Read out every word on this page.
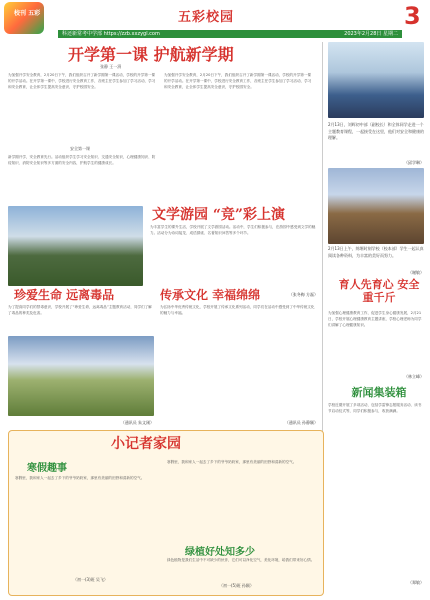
校刊 五彩	五彩校园	3
科还新常考中学部 https://zzb.xxzygl.com	2023年2月28日 星期二
开学第一课 护航新学期
张静 王一涓
为加强开学安全教育，2月20日下午，我们组织召开了新学期第一课活动，学校的开学第一课的开学活动。在开学第一课中，学校进行安全教育工作，各班主任学生参加了学习活动，学习和安全教育，让全体学生提高安全意识，守护校园安全。
安全第一课
新学期开学，安全教育先行。活动组织学生学习安全知识、交通安全知识，心理健康知识、防疫知识、消防安全知识等多方面的安全内容，护航学生的健康成长。
为加强开学安全教育，2月20日下午，我们组织召开了新学期第一课活动，学校的开学第一课的开学活动。在开学第一课中，学校进行安全教育工作，各班主任学生参加了学习活动，学习和安全教育，让全体学生提高安全意识，守护校园安全。
文学游园 “竞”彩上演
为丰富学生的课外生活，学校开展了文学游园活动。活动中，学生们积极参与，在游园中感受到文学的魅力。活动分为诗词接龙、成语猜谜、名著知识问答等多个环节。
（张冬梅 方磊）
珍爱生命 远离毒品	传承文化 幸福绵绵
为了提高同学们的禁毒意识，学校开展了“珍爱生命，远离毒品”主题教育活动，同学们了解了毒品的种类及危害。
（通讯员 朱文刚）
为弘扬中华优秀传统文化，学校开展了传承文化系列活动，同学们在活动中感受到了中华传统文化的魅力与幸福。
（通讯员 孙静颖）
小记者家园
寒假趣事
寒假里，我和家人一起去了乡下的爷爷奶奶家，那里有美丽的田野和清新的空气。
（初一(3)班 吴飞）
寒假里，我和家人一起去了乡下的爷爷奶奶家，那里有美丽的田野和清新的空气。
绿植好处知多少
绿色植物是我们生活中不可缺少的伙伴，它们可以净化空气，美化环境，给我们带来好心情。
（初一(5)班 孙颖）
2月13日，刘辉初中部（副校长）和全体同学走进一个主题教育课程，一起接受在这里，他们对安全和健康的理解。
（邱学琳）
2月13日上午，绵堰时刻学校（校本部）学生一起认真阅读各种资料，为丰富的美好而努力。
（谢敏）
育人先育心 安全重千斤
为加强心理健康教育工作，促进学生身心健康发展，2月21日，学校开展心理健康教育主题讲座，学校心理老师为同学们讲解了心理健康知识。
（林立峰）
新闻集装箱
学校近期开展了多项活动，包括学雷锋志愿服务活动、读书节启动仪式等，同学们积极参与，收获满满。
（郑敏）
